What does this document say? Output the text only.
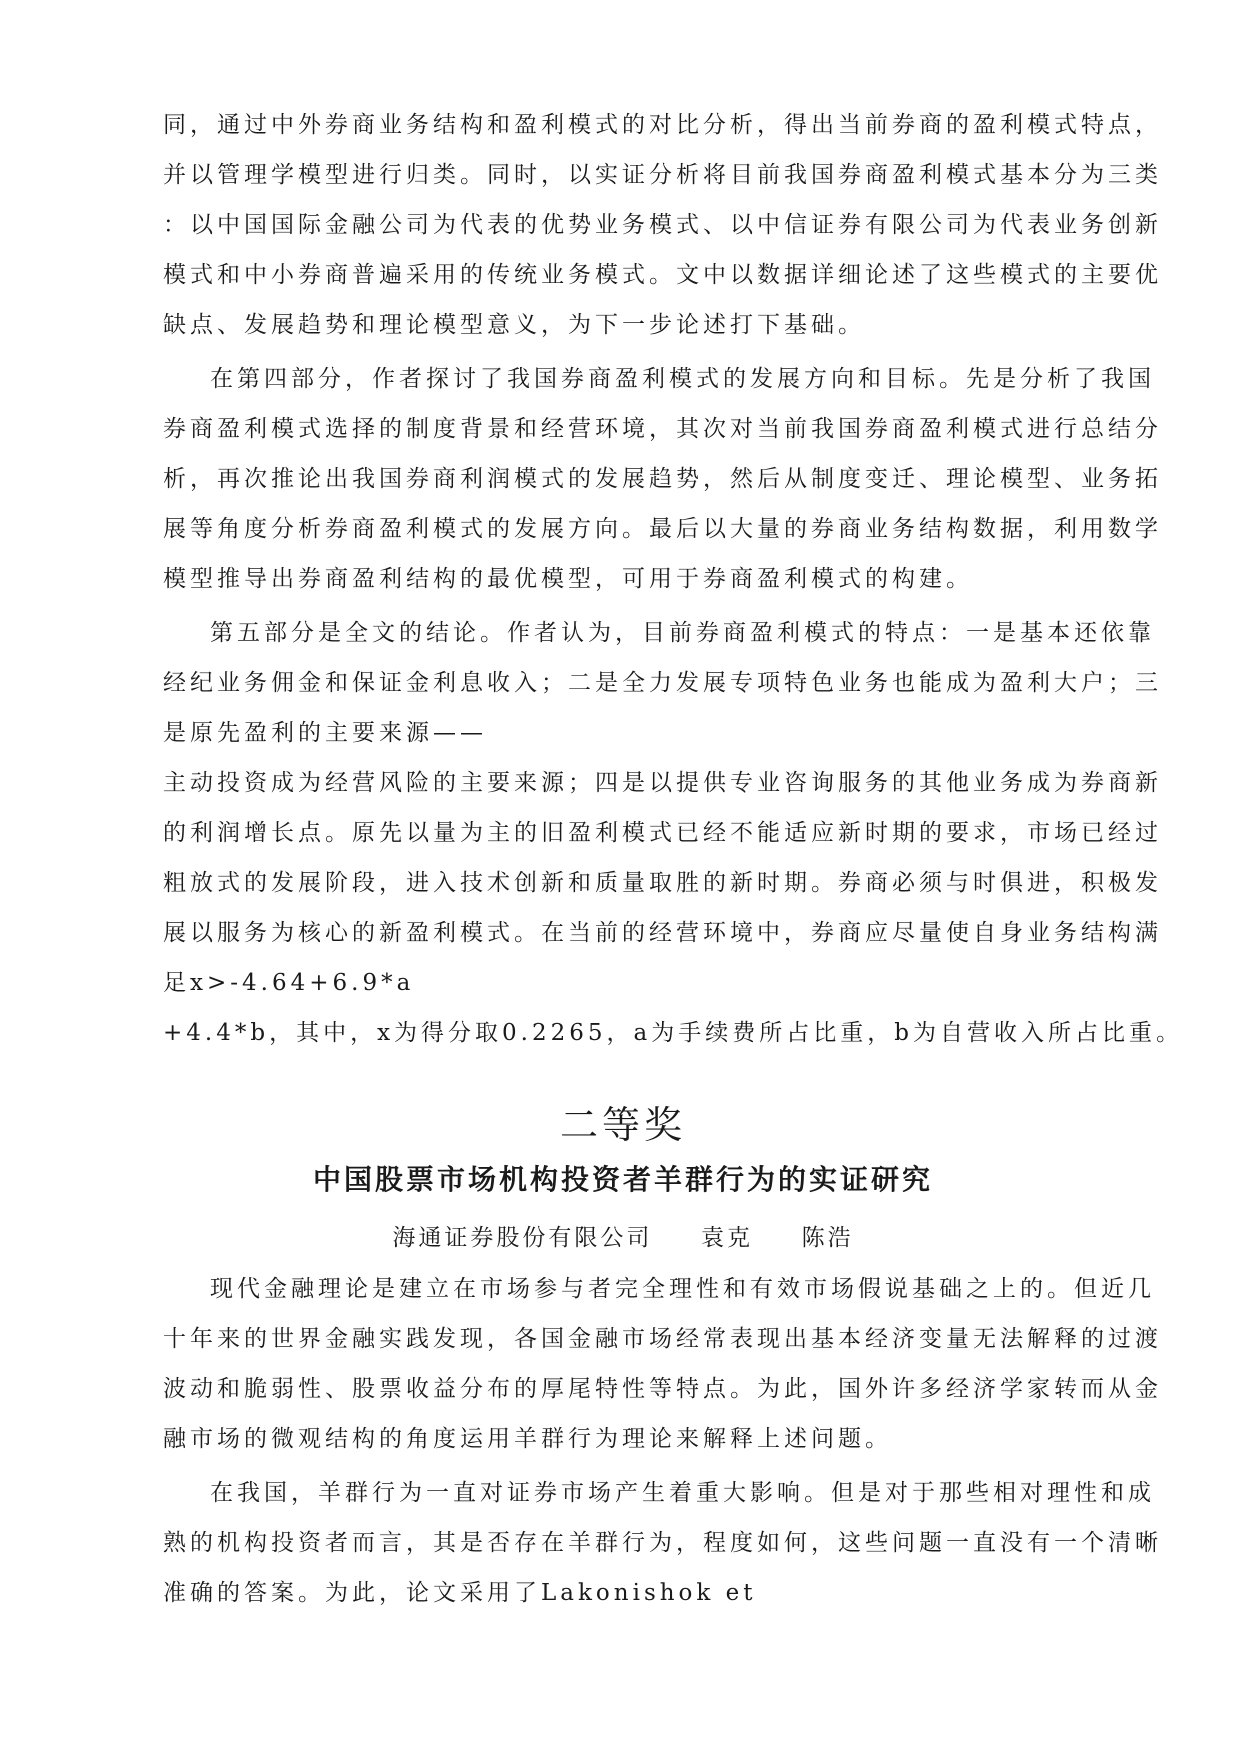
同，通过中外券商业务结构和盈利模式的对比分析，得出当前券商的盈利模式特点，
并以管理学模型进行归类。同时，以实证分析将目前我国券商盈利模式基本分为三类
：以中国国际金融公司为代表的优势业务模式、以中信证券有限公司为代表业务创新
模式和中小券商普遍采用的传统业务模式。文中以数据详细论述了这些模式的主要优
缺点、发展趋势和理论模型意义，为下一步论述打下基础。

在第四部分，作者探讨了我国券商盈利模式的发展方向和目标。先是分析了我国
券商盈利模式选择的制度背景和经营环境，其次对当前我国券商盈利模式进行总结分
析，再次推论出我国券商利润模式的发展趋势，然后从制度变迁、理论模型、业务拓
展等角度分析券商盈利模式的发展方向。最后以大量的券商业务结构数据，利用数学
模型推导出券商盈利结构的最优模型，可用于券商盈利模式的构建。

第五部分是全文的结论。作者认为，目前券商盈利模式的特点：一是基本还依靠
经纪业务佣金和保证金利息收入；二是全力发展专项特色业务也能成为盈利大户；三
是原先盈利的主要来源——
主动投资成为经营风险的主要来源；四是以提供专业咨询服务的其他业务成为券商新
的利润增长点。原先以量为主的旧盈利模式已经不能适应新时期的要求，市场已经过
粗放式的发展阶段，进入技术创新和质量取胜的新时期。券商必须与时俱进，积极发
展以服务为核心的新盈利模式。在当前的经营环境中，券商应尽量使自身业务结构满
足x>-4.64+6.9*a
+4.4*b，其中，x为得分取0.2265，a为手续费所占比重，b为自营收入所占比重。

二等奖
中国股票市场机构投资者羊群行为的实证研究
海通证券股份有限公司 袁克 陈浩

现代金融理论是建立在市场参与者完全理性和有效市场假说基础之上的。但近几
十年来的世界金融实践发现，各国金融市场经常表现出基本经济变量无法解释的过渡
波动和脆弱性、股票收益分布的厚尾特性等特点。为此，国外许多经济学家转而从金
融市场的微观结构的角度运用羊群行为理论来解释上述问题。

在我国，羊群行为一直对证券市场产生着重大影响。但是对于那些相对理性和成
熟的机构投资者而言，其是否存在羊群行为，程度如何，这些问题一直没有一个清晰
准确的答案。为此，论文采用了Lakonishok et
